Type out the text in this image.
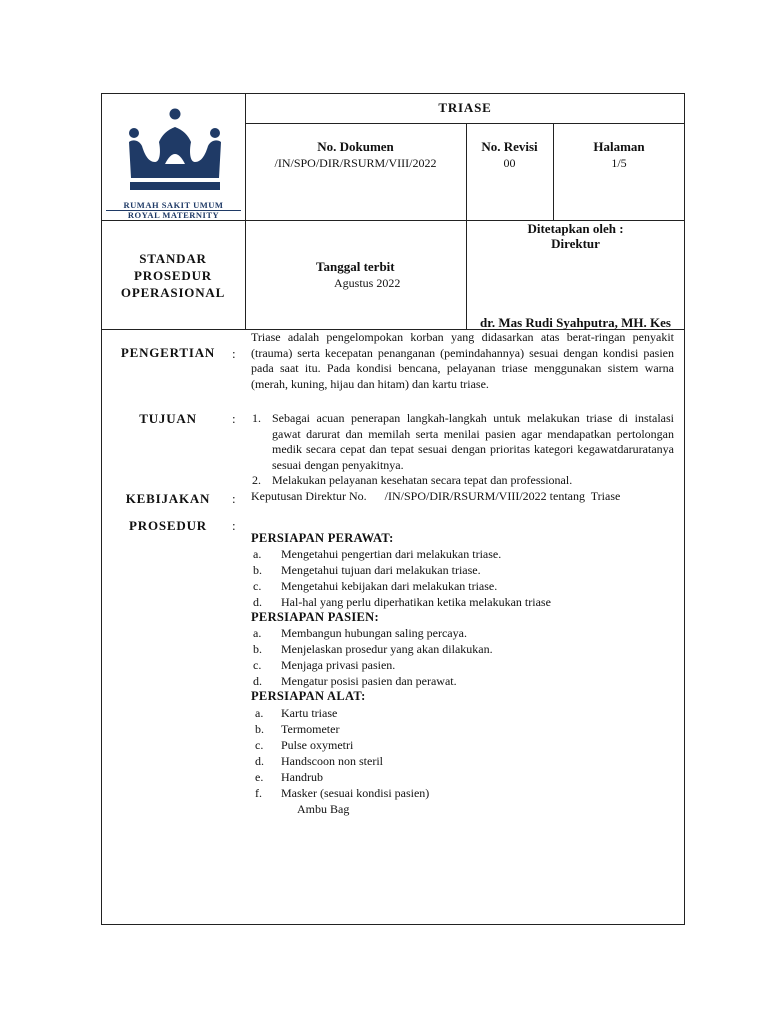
RUMAH SAKIT UMUM
ROYAL MATERNITY
TRIASE
No. Dokumen
/IN/SPO/DIR/RSURM/VIII/2022
No. Revisi
00
Halaman
1/5
STANDAR
PROSEDUR
OPERASIONAL
Tanggal terbit
Agustus 2022
Ditetapkan oleh :
Direktur
dr. Mas Rudi Syahputra, MH. Kes
PENGERTIAN	:
Triase adalah pengelompokan korban yang didasarkan atas berat-ringan penyakit (trauma) serta kecepatan penanganan (pemindahannya) sesuai dengan kondisi pasien pada saat itu. Pada kondisi bencana, pelayanan triase menggunakan sistem warna (merah, kuning, hijau dan hitam) dan kartu triase.
TUJUAN	: 1. Sebagai acuan penerapan langkah-langkah untuk melakukan triase di instalasi gawat darurat dan memilah serta menilai pasien agar mendapatkan pertolongan medik secara cepat dan tepat sesuai dengan prioritas kategori kegawatdaruratanya sesuai dengan penyakitnya.
2. Melakukan pelayanan kesehatan secara tepat dan professional.
KEBIJAKAN	: Keputusan Direktur No.      /IN/SPO/DIR/RSURM/VIII/2022 tentang  Triase
PROSEDUR	:
PERSIAPAN PERAWAT:
a. Mengetahui pengertian dari melakukan triase.
b. Mengetahui tujuan dari melakukan triase.
c. Mengetahui kebijakan dari melakukan triase.
d. Hal-hal yang perlu diperhatikan ketika melakukan triase
PERSIAPAN PASIEN:
a. Membangun hubungan saling percaya.
b. Menjelaskan prosedur yang akan dilakukan.
c. Menjaga privasi pasien.
d. Mengatur posisi pasien dan perawat.
PERSIAPAN ALAT:
a. Kartu triase
b. Termometer
c. Pulse oxymetri
d. Handscoon non steril
e. Handrub
f. Masker (sesuai kondisi pasien)
Ambu Bag
